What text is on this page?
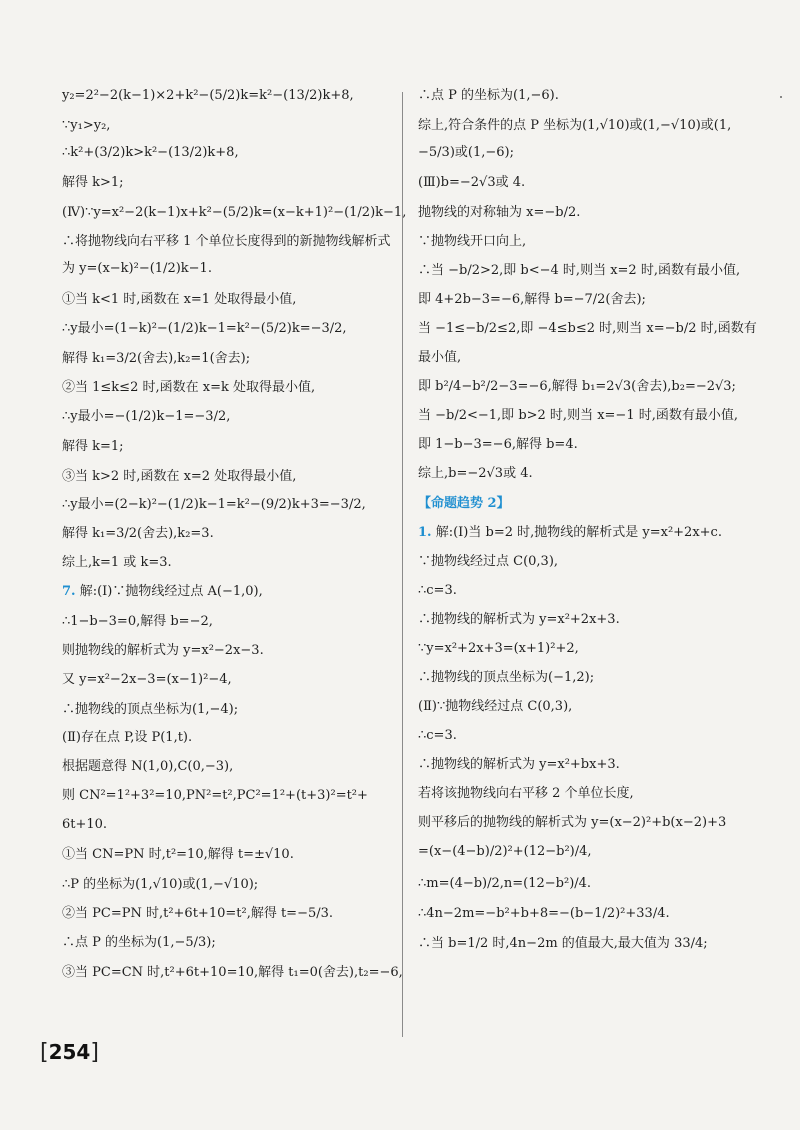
y₂=2²−2(k−1)×2+k²−(5/2)k=k²−(13/2)k+8,
∵y₁>y₂,
∴k²+(3/2)k>k²−(13/2)k+8,
解得 k>1;
(Ⅳ)∵y=x²−2(k−1)x+k²−(5/2)k=(x−k+1)²−(1/2)k−1,
∴将抛物线向右平移 1 个单位长度得到的新抛物线解析式
为 y=(x−k)²−(1/2)k−1.
①当 k<1 时,函数在 x=1 处取得最小值,
∴y最小=(1−k)²−(1/2)k−1=k²−(5/2)k=−3/2,
解得 k₁=3/2(舍去),k₂=1(舍去);
②当 1≤k≤2 时,函数在 x=k 处取得最小值,
∴y最小=−(1/2)k−1=−3/2,
解得 k=1;
③当 k>2 时,函数在 x=2 处取得最小值,
∴y最小=(2−k)²−(1/2)k−1=k²−(9/2)k+3=−3/2,
解得 k₁=3/2(舍去),k₂=3.
综上,k=1 或 k=3.
7. 解:(Ⅰ)∵抛物线经过点 A(−1,0),
∴1−b−3=0,解得 b=−2,
则抛物线的解析式为 y=x²−2x−3.
又 y=x²−2x−3=(x−1)²−4,
∴抛物线的顶点坐标为(1,−4);
(Ⅱ)存在点 P,设 P(1,t).
根据题意得 N(1,0),C(0,−3),
则 CN²=1²+3²=10,PN²=t²,PC²=1²+(t+3)²=t²+
6t+10.
①当 CN=PN 时,t²=10,解得 t=±√10.
∴P 的坐标为(1,√10)或(1,−√10);
②当 PC=PN 时,t²+6t+10=t²,解得 t=−5/3.
∴点 P 的坐标为(1,−5/3);
③当 PC=CN 时,t²+6t+10=10,解得 t₁=0(舍去),t₂=−6,
∴点 P 的坐标为(1,−6).
综上,符合条件的点 P 坐标为(1,√10)或(1,−√10)或(1,
−5/3)或(1,−6);
(Ⅲ)b=−2√3或 4.
抛物线的对称轴为 x=−b/2.
∵抛物线开口向上,
∴当 −b/2>2,即 b<−4 时,则当 x=2 时,函数有最小值,
即 4+2b−3=−6,解得 b=−7/2(舍去);
当 −1≤−b/2≤2,即 −4≤b≤2 时,则当 x=−b/2 时,函数有
最小值,
即 b²/4−b²/2−3=−6,解得 b₁=2√3(舍去),b₂=−2√3;
当 −b/2<−1,即 b>2 时,则当 x=−1 时,函数有最小值,
即 1−b−3=−6,解得 b=4.
综上,b=−2√3或 4.
【命题趋势 2】
1. 解:(Ⅰ)当 b=2 时,抛物线的解析式是 y=x²+2x+c.
∵抛物线经过点 C(0,3),
∴c=3.
∴抛物线的解析式为 y=x²+2x+3.
∵y=x²+2x+3=(x+1)²+2,
∴抛物线的顶点坐标为(−1,2);
(Ⅱ)∵抛物线经过点 C(0,3),
∴c=3.
∴抛物线的解析式为 y=x²+bx+3.
若将该抛物线向右平移 2 个单位长度,
则平移后的抛物线的解析式为 y=(x−2)²+b(x−2)+3
=(x−(4−b)/2)²+(12−b²)/4,
∴m=(4−b)/2,n=(12−b²)/4.
∴4n−2m=−b²+b+8=−(b−1/2)²+33/4.
∴当 b=1/2 时,4n−2m 的值最大,最大值为 33/4;
[254]
